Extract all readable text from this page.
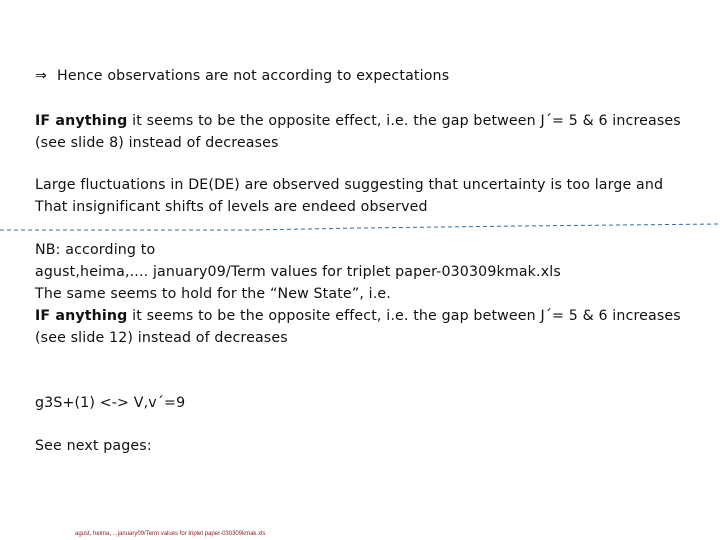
⇒ Hence observations are not according to expectations
IF anything it seems to be the opposite effect, i.e. the gap between J´= 5 & 6 increases
(see slide 8) instead of decreases
Large fluctuations in DE(DE) are observed suggesting that uncertainty is too large and
That insignificant shifts of levels are endeed observed
NB: according to
agust,heima,.... january09/Term values for triplet paper-030309kmak.xls
The same seems to hold for the “New State”, i.e.
IF anything it seems to be the opposite effect, i.e. the gap between J´= 5 & 6 increases
(see slide 12) instead of decreases
g3S+(1) <-> V,v´=9
See next pages:
agust, heima, ...january09/Term values for triplet paper-030309kmak.xls
